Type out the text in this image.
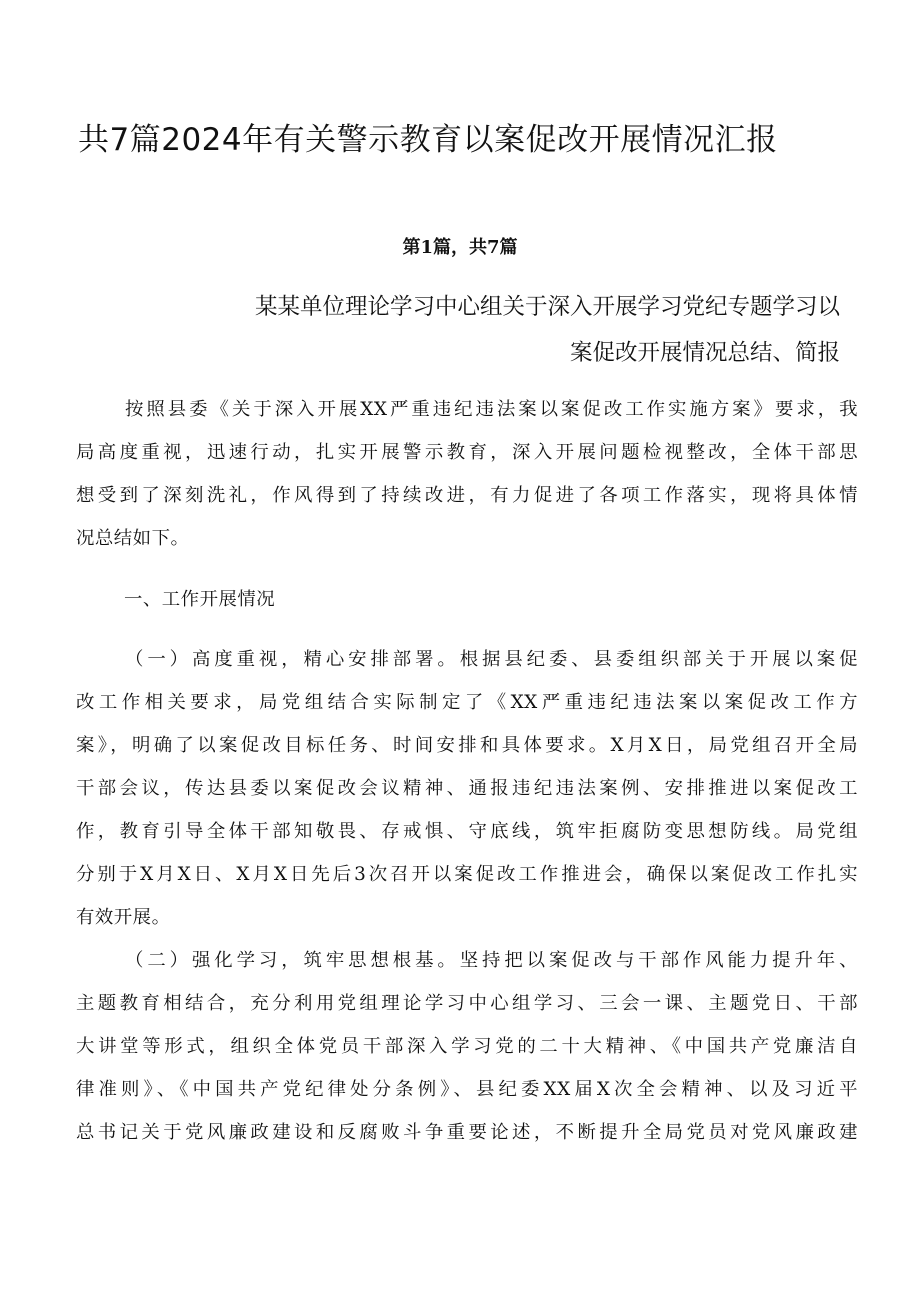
共7篇2024年有关警示教育以案促改开展情况汇报
第1篇，共7篇
某某单位理论学习中心组关于深入开展学习党纪专题学习以
案促改开展情况总结、简报
按照县委《关于深入开展XX严重违纪违法案以案促改工作实施方案》要求，我
局高度重视，迅速行动，扎实开展警示教育，深入开展问题检视整改，全体干部思
想受到了深刻洗礼，作风得到了持续改进，有力促进了各项工作落实，现将具体情
况总结如下。
一、工作开展情况
（一）高度重视，精心安排部署。根据县纪委、县委组织部关于开展以案促
改工作相关要求，局党组结合实际制定了《XX严重违纪违法案以案促改工作方
案》，明确了以案促改目标任务、时间安排和具体要求。X月X日，局党组召开全局
干部会议，传达县委以案促改会议精神、通报违纪违法案例、安排推进以案促改工
作，教育引导全体干部知敬畏、存戒惧、守底线，筑牢拒腐防变思想防线。局党组
分别于X月X日、X月X日先后3次召开以案促改工作推进会，确保以案促改工作扎实
有效开展。
（二）强化学习，筑牢思想根基。坚持把以案促改与干部作风能力提升年、
主题教育相结合，充分利用党组理论学习中心组学习、三会一课、主题党日、干部
大讲堂等形式，组织全体党员干部深入学习党的二十大精神、《中国共产党廉洁自
律准则》、《中国共产党纪律处分条例》、县纪委XX届X次全会精神、以及习近平
总书记关于党风廉政建设和反腐败斗争重要论述，不断提升全局党员对党风廉政建
